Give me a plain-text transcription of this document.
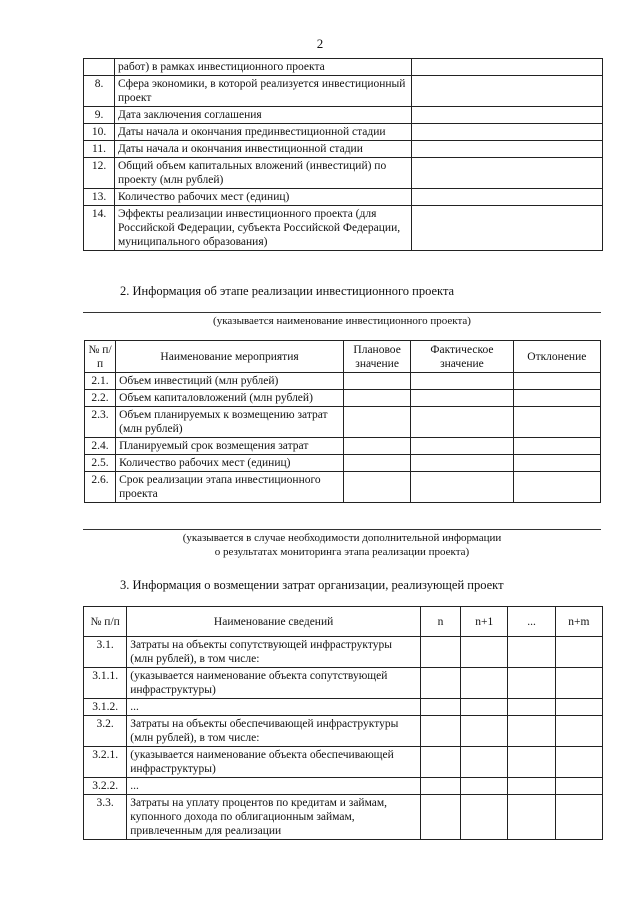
2
	работ) в рамках инвестиционного проекта	
8.	Сфера экономики, в которой реализуется инвестиционный проект	
9.	Дата заключения соглашения	
10.	Даты начала и окончания прединвестиционной стадии	
11.	Даты начала и окончания инвестиционной стадии	
12.	Общий объем капитальных вложений (инвестиций) по проекту (млн рублей)	
13.	Количество рабочих мест (единиц)	
14.	Эффекты реализации инвестиционного проекта (для Российской Федерации, субъекта Российской Федерации, муниципального образования)	
2. Информация об этапе реализации инвестиционного проекта
(указывается наименование инвестиционного проекта)
№ п/п	Наименование мероприятия	Плановое значение	Фактическое значение	Отклонение
2.1.	Объем инвестиций (млн рублей)			
2.2.	Объем капиталовложений (млн рублей)			
2.3.	Объем планируемых к возмещению затрат (млн рублей)			
2.4.	Планируемый срок возмещения затрат			
2.5.	Количество рабочих мест (единиц)			
2.6.	Срок реализации этапа инвестиционного проекта			
(указывается в случае необходимости дополнительной информации
о результатах мониторинга этапа реализации проекта)
3. Информация о возмещении затрат организации, реализующей проект
№ п/п	Наименование сведений	n	n+1	...	n+m
3.1.	Затраты на объекты сопутствующей инфраструктуры (млн рублей), в том числе:				
3.1.1.	(указывается наименование объекта сопутствующей инфраструктуры)				
3.1.2.	...				
3.2.	Затраты на объекты обеспечивающей инфраструктуры (млн рублей), в том числе:				
3.2.1.	(указывается наименование объекта обеспечивающей инфраструктуры)				
3.2.2.	...				
3.3.	Затраты на уплату процентов по кредитам и займам, купонного дохода по облигационным займам, привлеченным для реализации				
